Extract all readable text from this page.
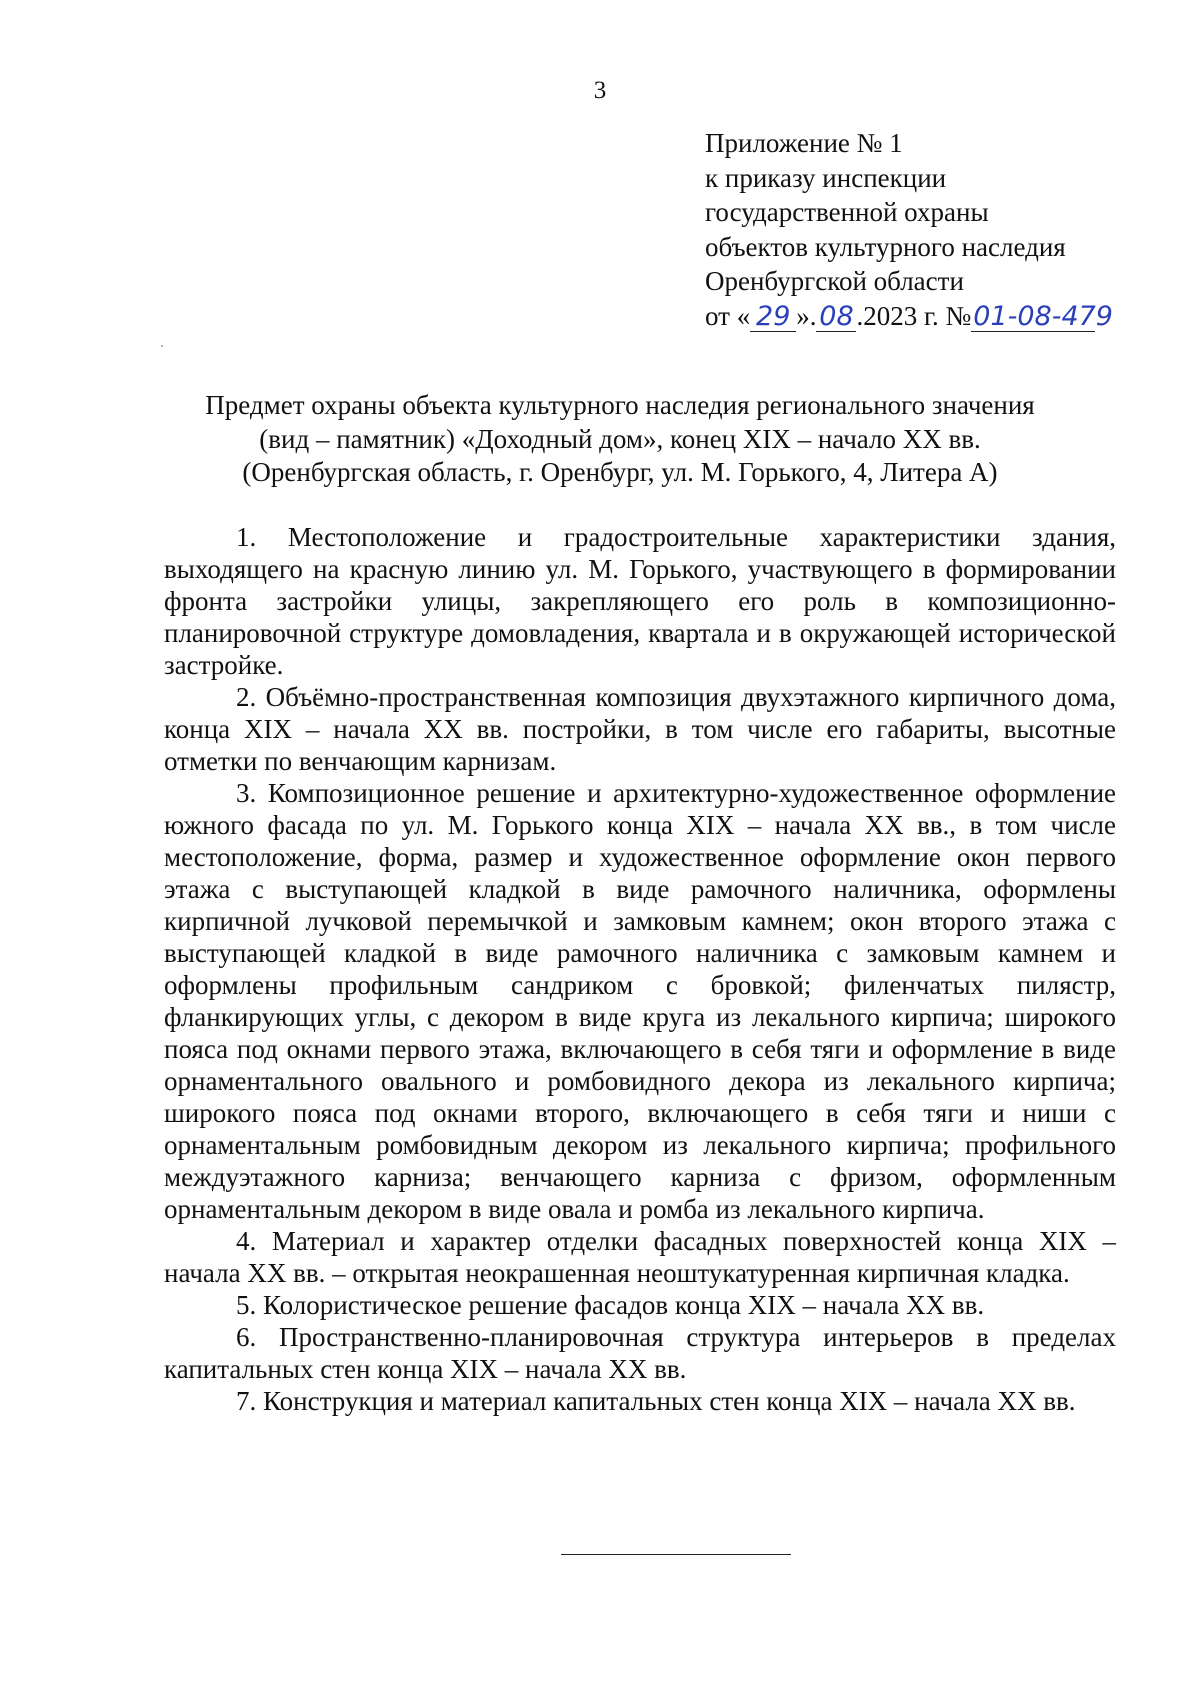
3
Приложение № 1
к приказу инспекции
государственной охраны
объектов культурного наследия
Оренбургской области
от « 29 ». 08 .2023 г. №01-08-479
Предмет охраны объекта культурного наследия регионального значения
(вид – памятник) «Доходный дом», конец XIX – начало XX вв.
(Оренбургская область, г. Оренбург, ул. М. Горького, 4, Литера А)

1. Местоположение и градостроительные характеристики здания, выходящего на красную линию ул. М. Горького, участвующего в формировании фронта застройки улицы, закрепляющего его роль в композиционно-планировочной структуре домовладения, квартала и в окружающей исторической застройке.

2. Объёмно-пространственная композиция двухэтажного кирпичного дома, конца XIX – начала XX вв. постройки, в том числе его габариты, высотные отметки по венчающим карнизам.

3. Композиционное решение и архитектурно-художественное оформление южного фасада по ул. М. Горького конца XIX – начала XX вв., в том числе местоположение, форма, размер и художественное оформление окон первого этажа с выступающей кладкой в виде рамочного наличника, оформлены кирпичной лучковой перемычкой и замковым камнем; окон второго этажа с выступающей кладкой в виде рамочного наличника с замковым камнем и оформлены профильным сандриком с бровкой; филенчатых пилястр, фланкирующих углы, с декором в виде круга из лекального кирпича; широкого пояса под окнами первого этажа, включающего в себя тяги и оформление в виде орнаментального овального и ромбовидного декора из лекального кирпича; широкого пояса под окнами второго, включающего в себя тяги и ниши с орнаментальным ромбовидным декором из лекального кирпича; профильного междуэтажного карниза; венчающего карниза с фризом, оформленным орнаментальным декором в виде овала и ромба из лекального кирпича.

4. Материал и характер отделки фасадных поверхностей конца XIX – начала XX вв. – открытая неокрашенная неоштукатуренная кирпичная кладка.

5. Колористическое решение фасадов конца XIX – начала XX вв.

6. Пространственно-планировочная структура интерьеров в пределах капитальных стен конца XIX – начала XX вв.

7. Конструкция и материал капитальных стен конца XIX – начала XX вв.
